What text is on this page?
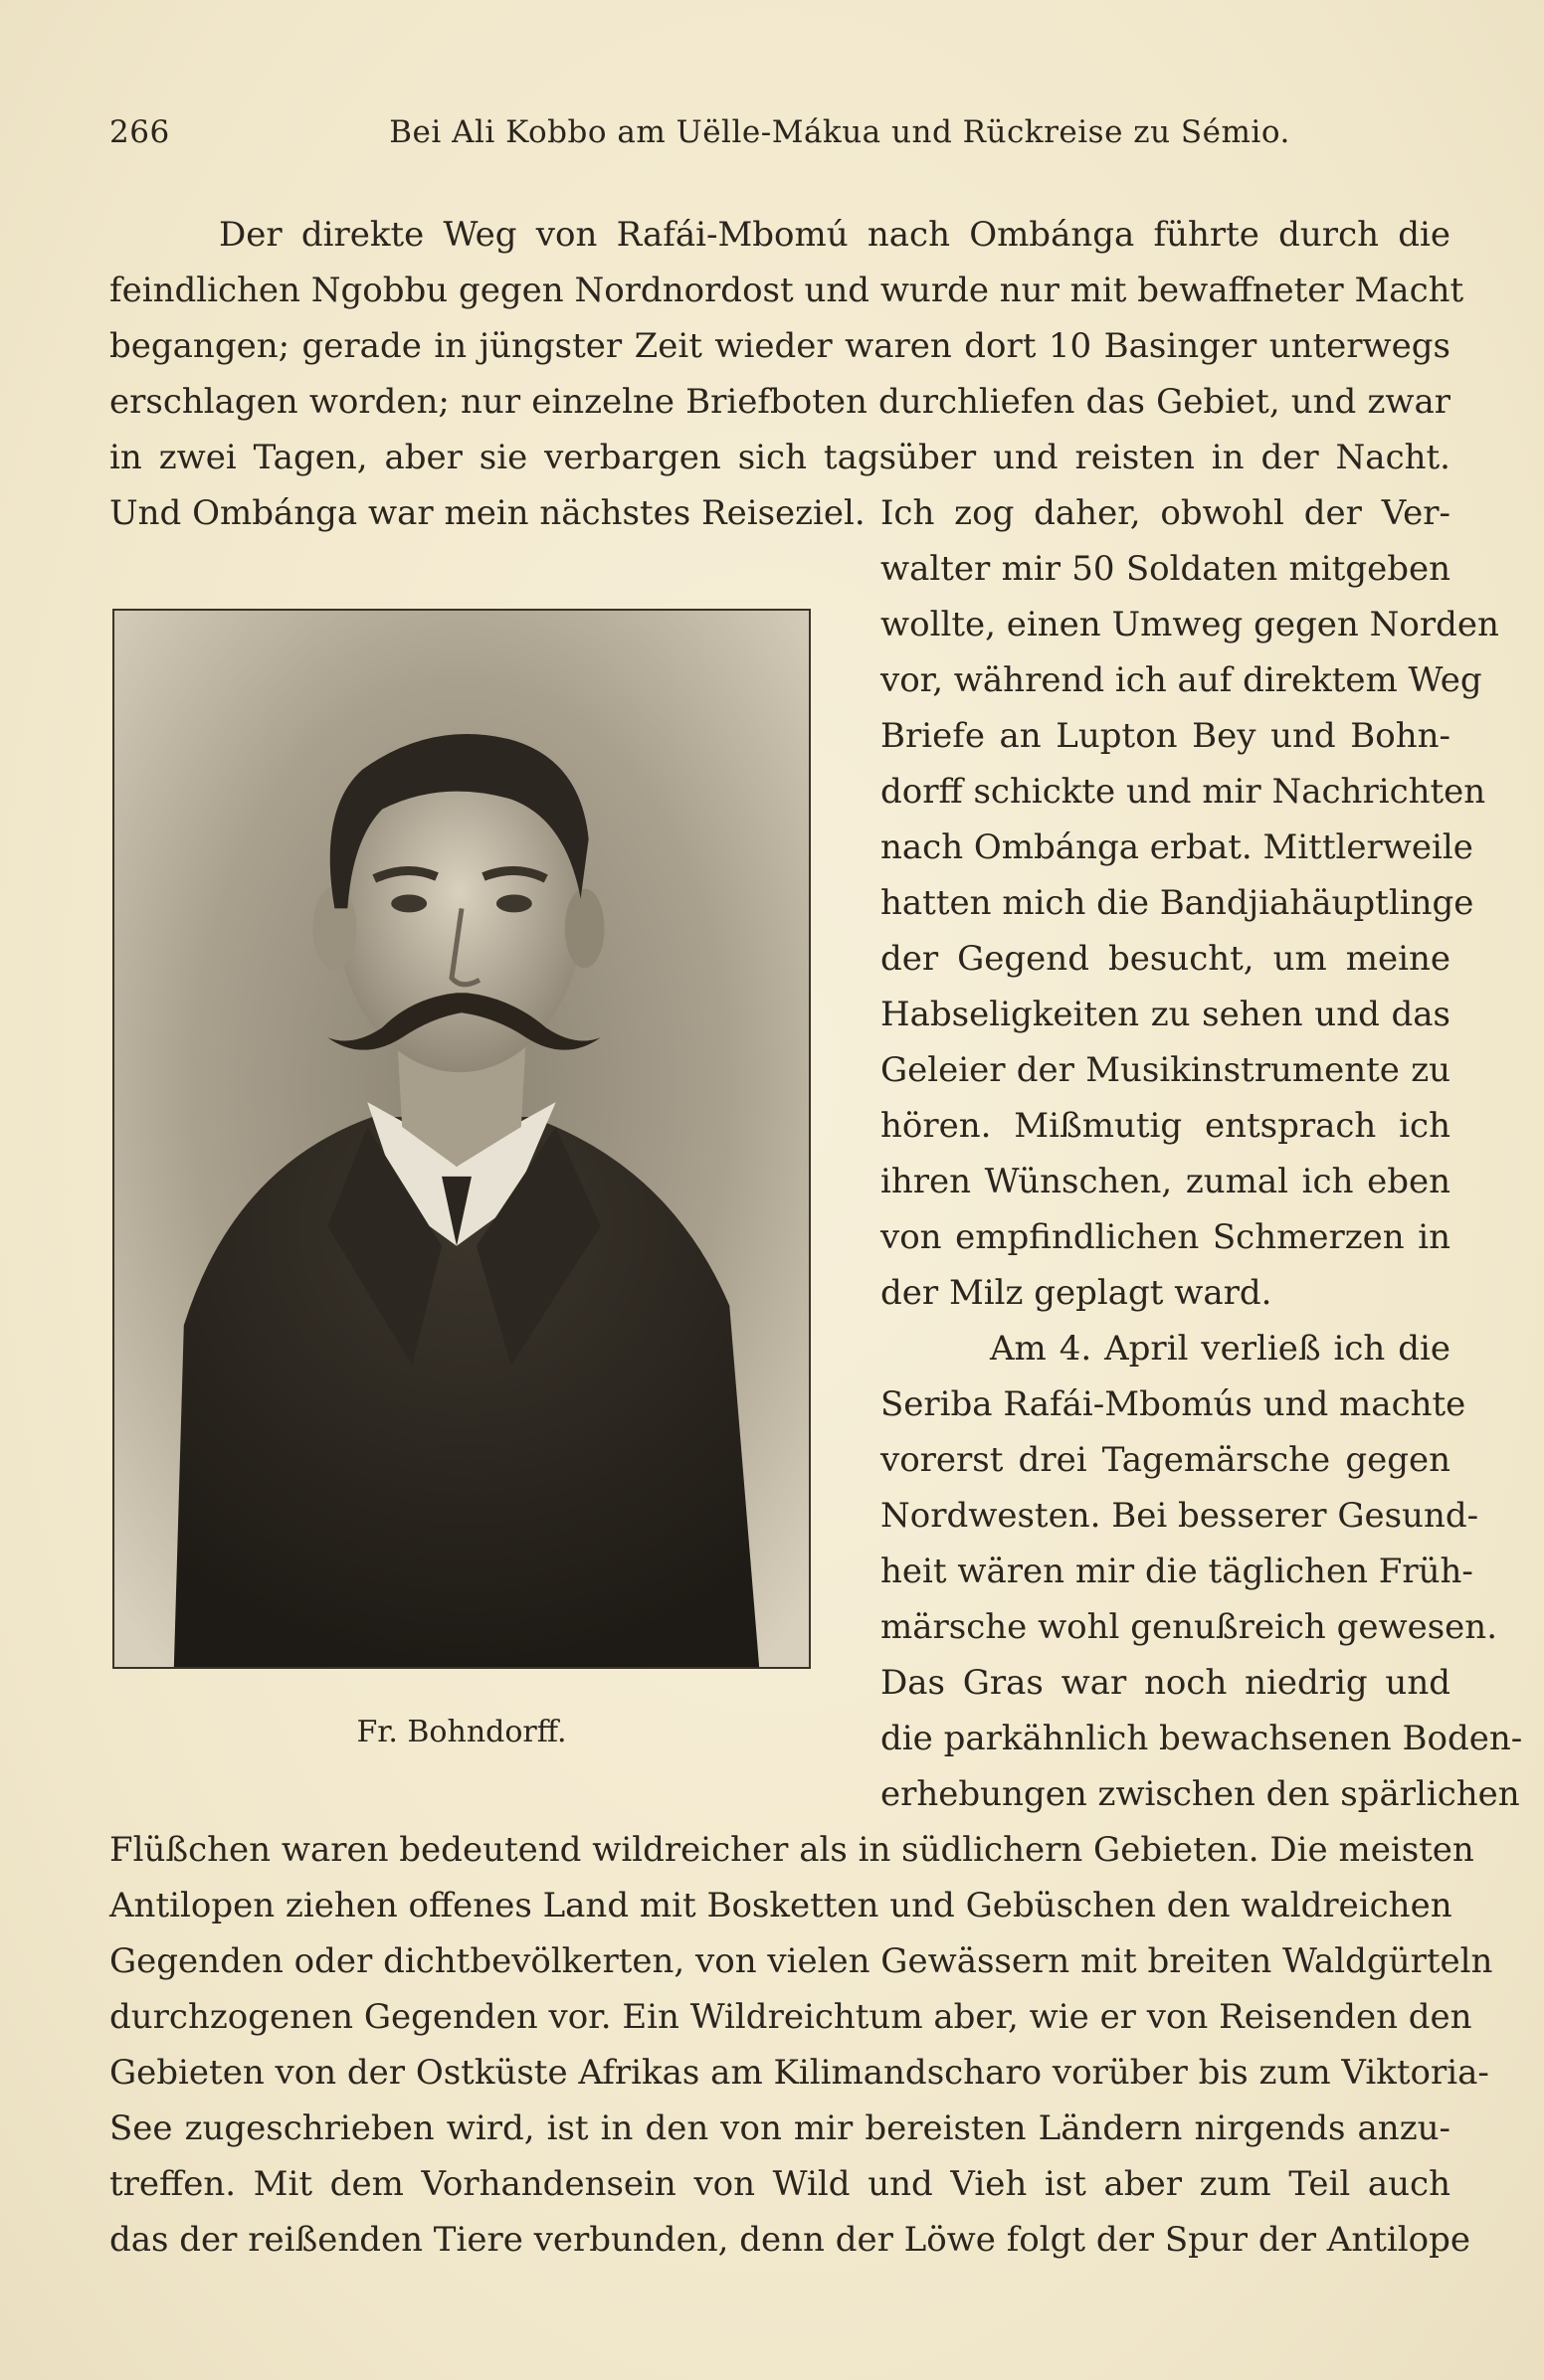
266	Bei Ali Kobbo am Uëlle-Mákua und Rückreise zu Sémio.
Der direkte Weg von Rafái-Mbomú nach Ombánga führte durch die
feindlichen Ngobbu gegen Nordnordost und wurde nur mit bewaffneter Macht
begangen; gerade in jüngster Zeit wieder waren dort 10 Basinger unterwegs
erschlagen worden; nur einzelne Briefboten durchliefen das Gebiet, und zwar
in zwei Tagen, aber sie verbargen sich tagsüber und reisten in der Nacht.
Und Ombánga war mein nächstes Reiseziel. Ich zog daher, obwohl der Ver-
walter mir 50 Soldaten mitgeben
wollte, einen Umweg gegen Norden
vor, während ich auf direktem Weg
Briefe an Lupton Bey und Bohn-
dorff schickte und mir Nachrichten
nach Ombánga erbat. Mittlerweile
hatten mich die Bandjiahäuptlinge
der Gegend besucht, um meine
Habseligkeiten zu sehen und das
Geleier der Musikinstrumente zu
hören. Mißmutig entsprach ich
ihren Wünschen, zumal ich eben
von empfindlichen Schmerzen in
der Milz geplagt ward.
Am 4. April verließ ich die
Seriba Rafái-Mbomús und machte
vorerst drei Tagemärsche gegen
Nordwesten. Bei besserer Gesund-
heit wären mir die täglichen Früh-
märsche wohl genußreich gewesen.
Das Gras war noch niedrig und
die parkähnlich bewachsenen Boden-
erhebungen zwischen den spärlichen
Flüßchen waren bedeutend wildreicher als in südlichern Gebieten. Die meisten
Antilopen ziehen offenes Land mit Bosketten und Gebüschen den waldreichen
Gegenden oder dichtbevölkerten, von vielen Gewässern mit breiten Waldgürteln
durchzogenen Gegenden vor. Ein Wildreichtum aber, wie er von Reisenden den
Gebieten von der Ostküste Afrikas am Kilimandscharo vorüber bis zum Viktoria-
See zugeschrieben wird, ist in den von mir bereisten Ländern nirgends anzu-
treffen. Mit dem Vorhandensein von Wild und Vieh ist aber zum Teil auch
das der reißenden Tiere verbunden, denn der Löwe folgt der Spur der Antilope
Fr. Bohndorff.
